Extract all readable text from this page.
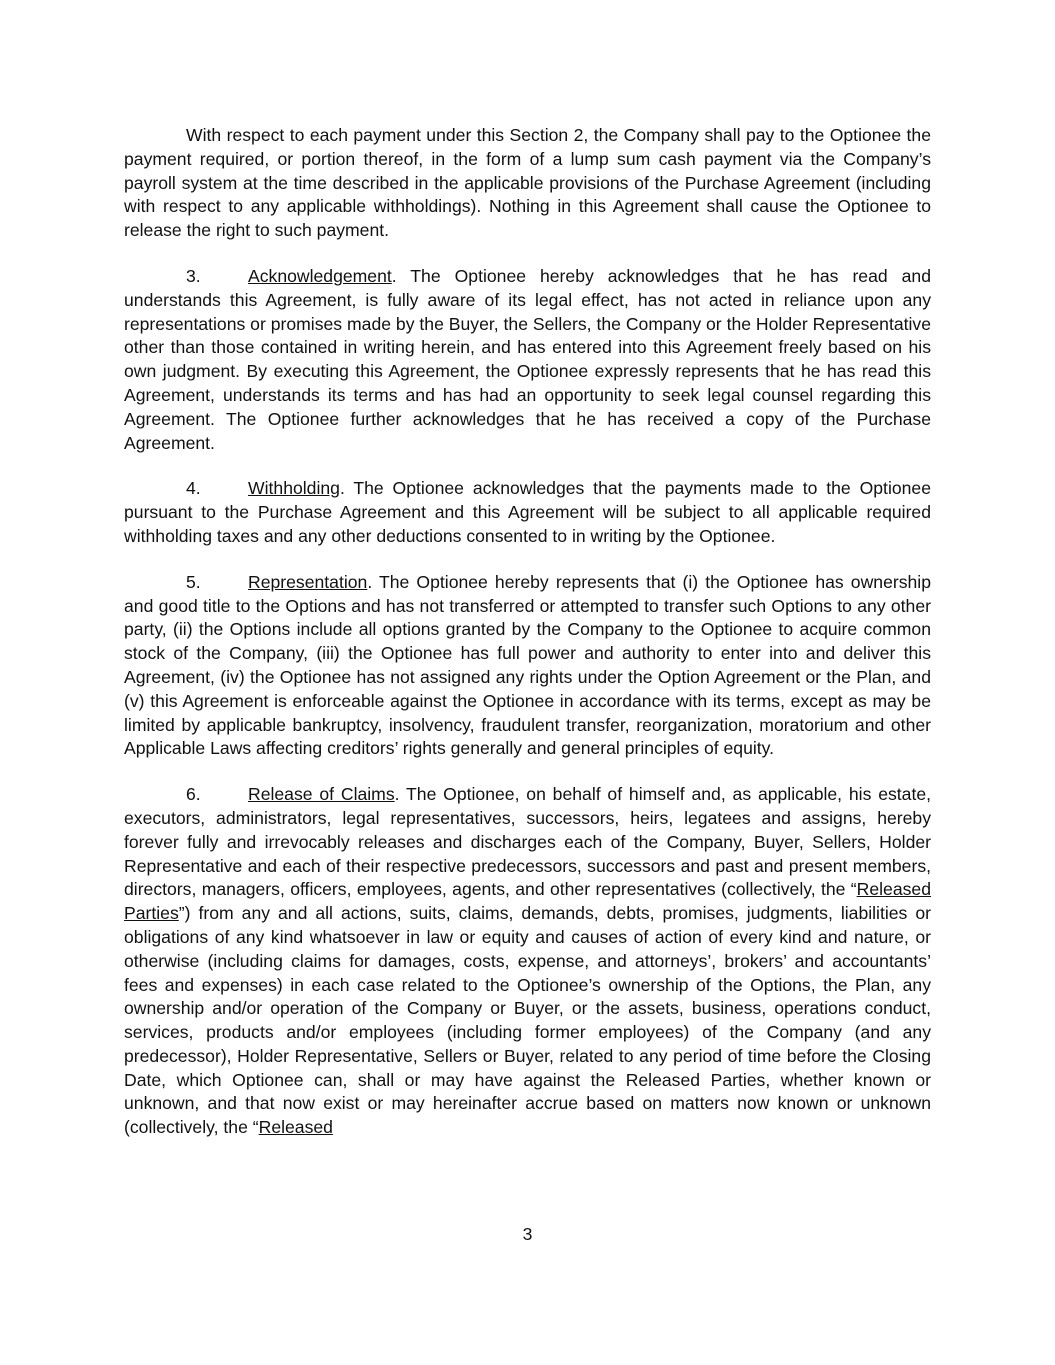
With respect to each payment under this Section 2, the Company shall pay to the Optionee the payment required, or portion thereof, in the form of a lump sum cash payment via the Company’s payroll system at the time described in the applicable provisions of the Purchase Agreement (including with respect to any applicable withholdings). Nothing in this Agreement shall cause the Optionee to release the right to such payment.

3.	Acknowledgement. The Optionee hereby acknowledges that he has read and understands this Agreement, is fully aware of its legal effect, has not acted in reliance upon any representations or promises made by the Buyer, the Sellers, the Company or the Holder Representative other than those contained in writing herein, and has entered into this Agreement freely based on his own judgment. By executing this Agreement, the Optionee expressly represents that he has read this Agreement, understands its terms and has had an opportunity to seek legal counsel regarding this Agreement. The Optionee further acknowledges that he has received a copy of the Purchase Agreement.

4.	Withholding. The Optionee acknowledges that the payments made to the Optionee pursuant to the Purchase Agreement and this Agreement will be subject to all applicable required withholding taxes and any other deductions consented to in writing by the Optionee.

5.	Representation. The Optionee hereby represents that (i) the Optionee has ownership and good title to the Options and has not transferred or attempted to transfer such Options to any other party, (ii) the Options include all options granted by the Company to the Optionee to acquire common stock of the Company, (iii) the Optionee has full power and authority to enter into and deliver this Agreement, (iv) the Optionee has not assigned any rights under the Option Agreement or the Plan, and (v) this Agreement is enforceable against the Optionee in accordance with its terms, except as may be limited by applicable bankruptcy, insolvency, fraudulent transfer, reorganization, moratorium and other Applicable Laws affecting creditors’ rights generally and general principles of equity.

6.	Release of Claims. The Optionee, on behalf of himself and, as applicable, his estate, executors, administrators, legal representatives, successors, heirs, legatees and assigns, hereby forever fully and irrevocably releases and discharges each of the Company, Buyer, Sellers, Holder Representative and each of their respective predecessors, successors and past and present members, directors, managers, officers, employees, agents, and other representatives (collectively, the “Released Parties”) from any and all actions, suits, claims, demands, debts, promises, judgments, liabilities or obligations of any kind whatsoever in law or equity and causes of action of every kind and nature, or otherwise (including claims for damages, costs, expense, and attorneys’, brokers’ and accountants’ fees and expenses) in each case related to the Optionee’s ownership of the Options, the Plan, any ownership and/or operation of the Company or Buyer, or the assets, business, operations conduct, services, products and/or employees (including former employees) of the Company (and any predecessor), Holder Representative, Sellers or Buyer, related to any period of time before the Closing Date, which Optionee can, shall or may have against the Released Parties, whether known or unknown, and that now exist or may hereinafter accrue based on matters now known or unknown (collectively, the “Released

3
